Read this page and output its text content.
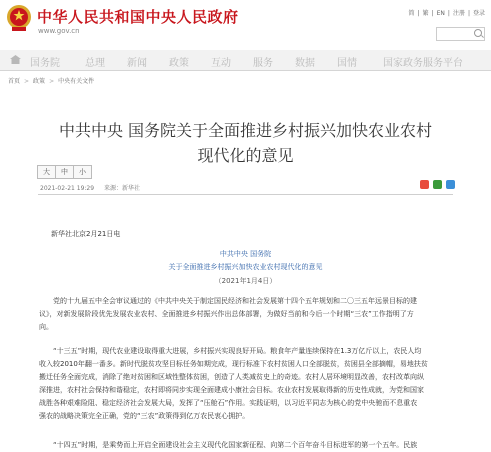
中华人民共和国中央人民政府
www.gov.cn
简 | 繁 | EN | 注册 | 登录
国务院	总理 新闻 政策 互动 服务 数据 国情	国家政务服务平台
首页 > 政策 > 中央有关文件
中共中央 国务院关于全面推进乡村振兴加快农业农村
现代化的意见
大	中	小
2021-02-21 19:29 来源：新华社
新华社北京2月21日电
中共中央 国务院
关于全面推进乡村振兴加快农业农村现代化的意见
（2021年1月4日）

党的十九届五中全会审议通过的《中共中央关于制定国民经济和社会发展第十四个五年规划和二〇三五年远景目标的建

议》，对新发展阶段优先发展农业农村、全面推进乡村振兴作出总体部署，为做好当前和今后一个时期“三农”工作指明了方

向。

“十三五”时期，现代农业建设取得重大进展，乡村振兴实现良好开局。粮食年产量连续保持在1.3万亿斤以上，农民人均

收入较2010年翻一番多。新时代脱贫攻坚目标任务如期完成，现行标准下农村贫困人口全部脱贫，贫困县全部摘帽，易地扶贫

搬迁任务全面完成，消除了绝对贫困和区域性整体贫困，创造了人类减贫史上的奇迹。农村人居环境明显改善，农村改革向纵

深推进，农村社会保持和谐稳定，农村即将同步实现全面建成小康社会目标。农业农村发展取得新的历史性成就，为党和国家

战胜各种艰难险阻、稳定经济社会发展大局，发挥了“压舱石”作用。实践证明，以习近平同志为核心的党中央驰而不息重农

强农的战略决策完全正确，党的“三农”政策得到亿万农民衷心拥护。

“十四五”时期，是乘势而上开启全面建设社会主义现代化国家新征程、向第二个百年奋斗目标进军的第一个五年。民族
